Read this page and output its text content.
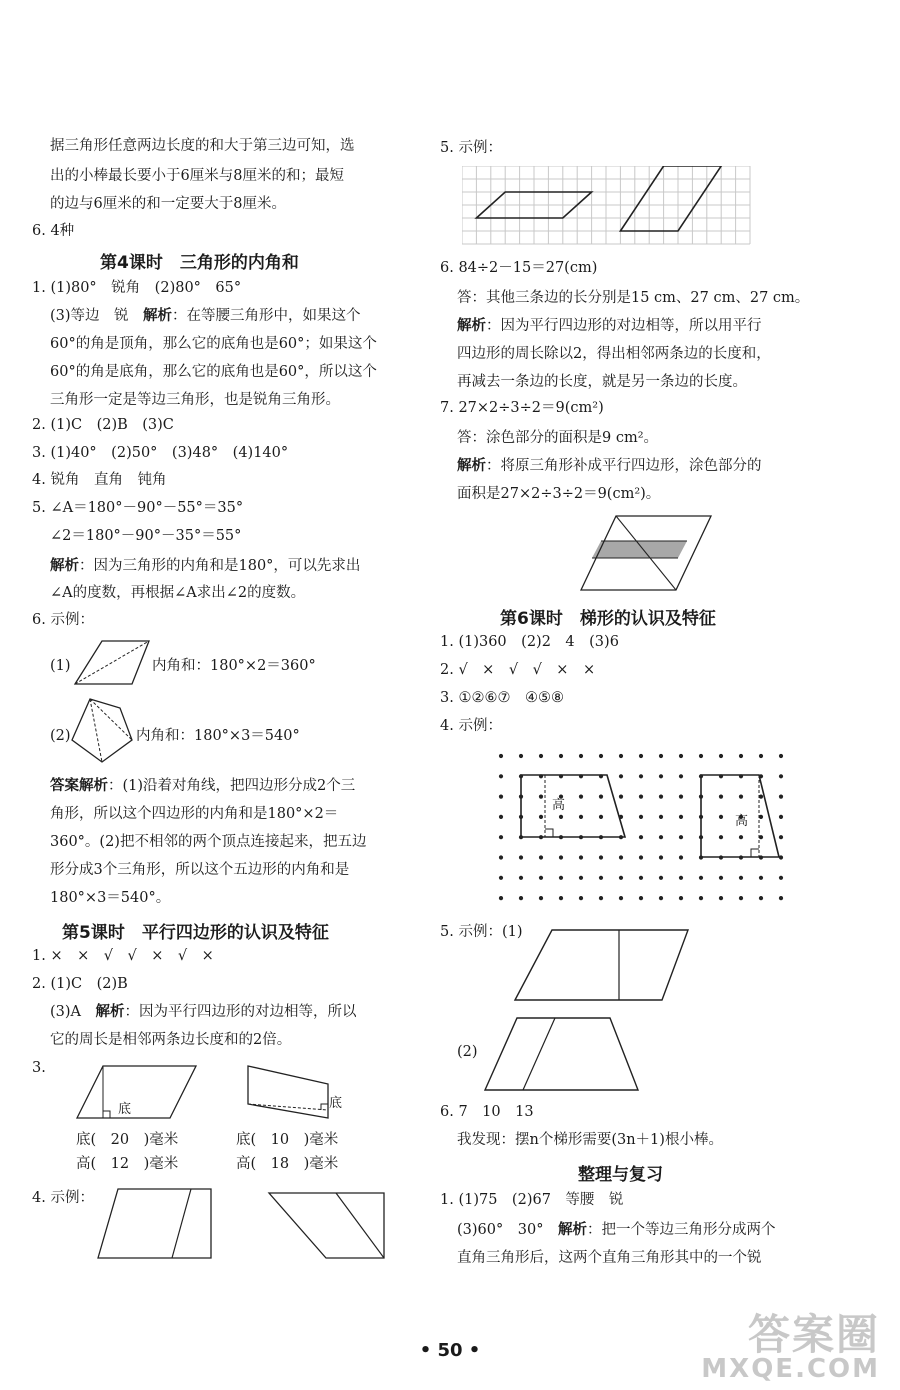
据三角形任意两边长度的和大于第三边可知，选
出的小棒最长要小于6厘米与8厘米的和；最短
的边与6厘米的和一定要大于8厘米。
6. 4种
第4课时　三角形的内角和
1. (1)80°　锐角　(2)80°　65°
(3)等边　锐　解析：在等腰三角形中，如果这个
60°的角是顶角，那么它的底角也是60°；如果这个
60°的角是底角，那么它的底角也是60°，所以这个
三角形一定是等边三角形，也是锐角三角形。
2. (1)C　(2)B　(3)C
3. (1)40°　(2)50°　(3)48°　(4)140°
4. 锐角　直角　钝角
5. ∠A＝180°－90°－55°＝35°
∠2＝180°－90°－35°＝55°
解析：因为三角形的内角和是180°，可以先求出
∠A的度数，再根据∠A求出∠2的度数。
6. 示例：
(1)	内角和：180°×2＝360°
(2)	内角和：180°×3＝540°
答案解析：(1)沿着对角线，把四边形分成2个三
角形，所以这个四边形的内角和是180°×2＝
360°。(2)把不相邻的两个顶点连接起来，把五边
形分成3个三角形，所以这个五边形的内角和是
180°×3＝540°。
第5课时　平行四边形的认识及特征
1. ×　×　√　√　×　√　×
2. (1)C　(2)B
(3)A　解析：因为平行四边形的对边相等，所以
它的周长是相邻两条边长度和的2倍。
3.
底	底
底(　20　)毫米
高(　12　)毫米
底(　10　)毫米
高(　18　)毫米
4. 示例：
5. 示例：
6. 84÷2－15＝27(cm)
答：其他三条边的长分别是15 cm、27 cm、27 cm。
解析：因为平行四边形的对边相等，所以用平行
四边形的周长除以2，得出相邻两条边的长度和，
再减去一条边的长度，就是另一条边的长度。
7. 27×2÷3÷2＝9(cm²)
答：涂色部分的面积是9 cm²。
解析：将原三角形补成平行四边形，涂色部分的
面积是27×2÷3÷2＝9(cm²)。
第6课时　梯形的认识及特征
1. (1)360　(2)2　4　(3)6
2. √　×　√　√　×　×
3. ①②⑥⑦　④⑤⑧
4. 示例：
高
高
5. 示例：(1)
(2)
6. 7　10　13
我发现：摆n个梯形需要(3n＋1)根小棒。
整理与复习
1. (1)75　(2)67　等腰　锐
(3)60°　30°　解析：把一个等边三角形分成两个
直角三角形后，这两个直角三角形其中的一个锐
• 50 •	答案圈
MXQE.COM
